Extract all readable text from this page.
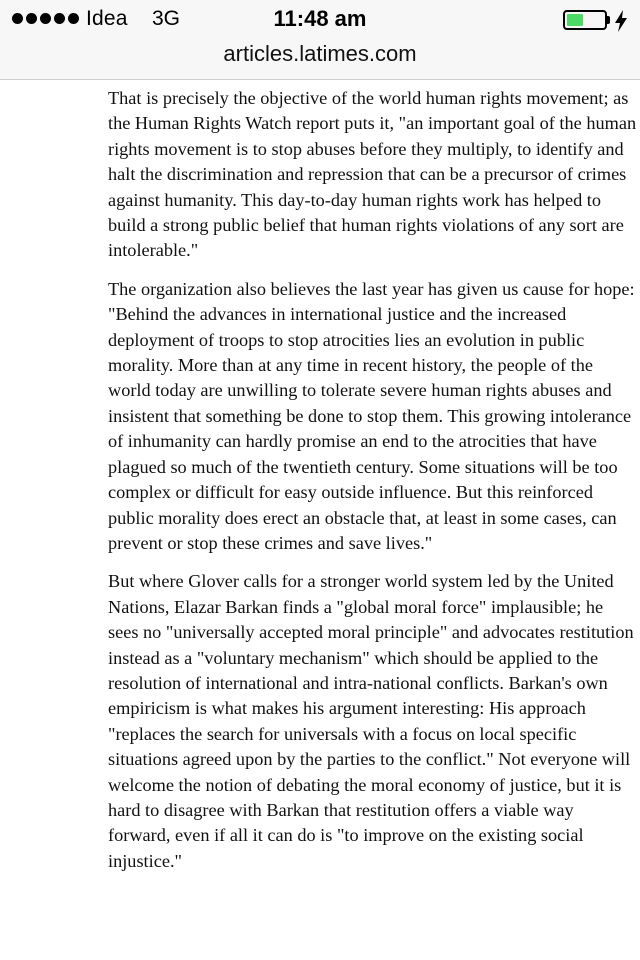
Idea 3G	11:48 am
articles.latimes.com

That is precisely the objective of the world human rights movement; as the Human Rights Watch report puts it, "an important goal of the human rights movement is to stop abuses before they multiply, to identify and halt the discrimination and repression that can be a precursor of crimes against humanity. This day-to-day human rights work has helped to build a strong public belief that human rights violations of any sort are intolerable."

The organization also believes the last year has given us cause for hope: "Behind the advances in international justice and the increased deployment of troops to stop atrocities lies an evolution in public morality. More than at any time in recent history, the people of the world today are unwilling to tolerate severe human rights abuses and insistent that something be done to stop them. This growing intolerance of inhumanity can hardly promise an end to the atrocities that have plagued so much of the twentieth century. Some situations will be too complex or difficult for easy outside influence. But this reinforced public morality does erect an obstacle that, at least in some cases, can prevent or stop these crimes and save lives."

But where Glover calls for a stronger world system led by the United Nations, Elazar Barkan finds a "global moral force" implausible; he sees no "universally accepted moral principle" and advocates restitution instead as a "voluntary mechanism" which should be applied to the resolution of international and intra-national conflicts. Barkan's own empiricism is what makes his argument interesting: His approach "replaces the search for universals with a focus on local specific situations agreed upon by the parties to the conflict." Not everyone will welcome the notion of debating the moral economy of justice, but it is hard to disagree with Barkan that restitution offers a viable way forward, even if all it can do is "to improve on the existing social injustice."
